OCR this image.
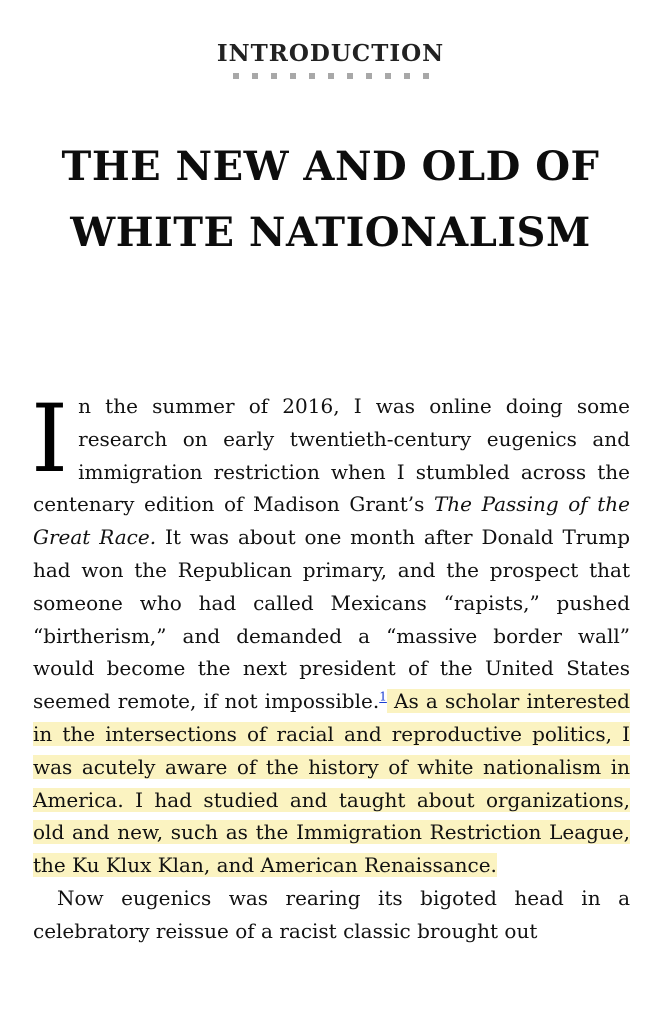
INTRODUCTION
THE NEW AND OLD OF WHITE NATIONALISM

In the summer of 2016, I was online doing some research on early twentieth-century eugenics and immigration restriction when I stumbled across the centenary edition of Madison Grant’s The Passing of the Great Race. It was about one month after Donald Trump had won the Republican primary, and the prospect that someone who had called Mexicans “rapists,” pushed “birtherism,” and demanded a “massive border wall” would become the next president of the United States seemed remote, if not impossible.$^1$ As a scholar interested in the intersections of racial and reproductive politics, I was acutely aware of the history of white nationalism in America. I had studied and taught about organizations, old and new, such as the Immigration Restriction League, the Ku Klux Klan, and American Renaissance.

Now eugenics was rearing its bigoted head in a celebratory reissue of a racist classic brought out
